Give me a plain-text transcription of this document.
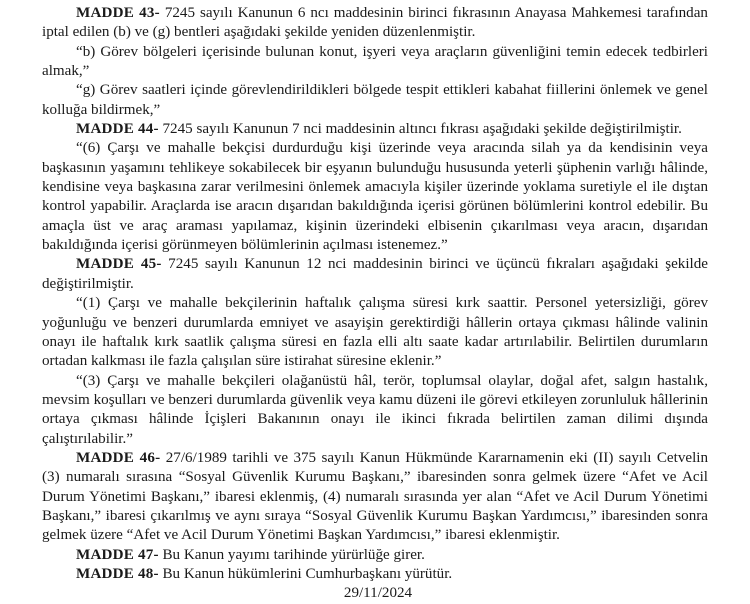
MADDE 43- 7245 sayılı Kanunun 6 ncı maddesinin birinci fıkrasının Anayasa Mahkemesi tarafından iptal edilen (b) ve (g) bentleri aşağıdaki şekilde yeniden düzenlenmiştir.

“b) Görev bölgeleri içerisinde bulunan konut, işyeri veya araçların güvenliğini temin edecek tedbirleri almak,”

“g) Görev saatleri içinde görevlendirildikleri bölgede tespit ettikleri kabahat fiillerini önlemek ve genel kolluğa bildirmek,”

MADDE 44- 7245 sayılı Kanunun 7 nci maddesinin altıncı fıkrası aşağıdaki şekilde değiştirilmiştir.

“(6) Çarşı ve mahalle bekçisi durdurduğu kişi üzerinde veya aracında silah ya da kendisinin veya başkasının yaşamını tehlikeye sokabilecek bir eşyanın bulunduğu hususunda yeterli şüphenin varlığı hâlinde, kendisine veya başkasına zarar verilmesini önlemek amacıyla kişiler üzerinde yoklama suretiyle el ile dıştan kontrol yapabilir. Araçlarda ise aracın dışarıdan bakıldığında içerisi görünen bölümlerini kontrol edebilir. Bu amaçla üst ve araç araması yapılamaz, kişinin üzerindeki elbisenin çıkarılması veya aracın, dışarıdan bakıldığında içerisi görünmeyen bölümlerinin açılması istenemez.”

MADDE 45- 7245 sayılı Kanunun 12 nci maddesinin birinci ve üçüncü fıkraları aşağıdaki şekilde değiştirilmiştir.

“(1) Çarşı ve mahalle bekçilerinin haftalık çalışma süresi kırk saattir. Personel yetersizliği, görev yoğunluğu ve benzeri durumlarda emniyet ve asayişin gerektirdiği hâllerin ortaya çıkması hâlinde valinin onayı ile haftalık kırk saatlik çalışma süresi en fazla elli altı saate kadar artırılabilir. Belirtilen durumların ortadan kalkması ile fazla çalışılan süre istirahat süresine eklenir.”

“(3) Çarşı ve mahalle bekçileri olağanüstü hâl, terör, toplumsal olaylar, doğal afet, salgın hastalık, mevsim koşulları ve benzeri durumlarda güvenlik veya kamu düzeni ile görevi etkileyen zorunluluk hâllerinin ortaya çıkması hâlinde İçişleri Bakanının onayı ile ikinci fıkrada belirtilen zaman dilimi dışında çalıştırılabilir.”

MADDE 46- 27/6/1989 tarihli ve 375 sayılı Kanun Hükmünde Kararnamenin eki (II) sayılı Cetvelin (3) numaralı sırasına “Sosyal Güvenlik Kurumu Başkanı,” ibaresinden sonra gelmek üzere “Afet ve Acil Durum Yönetimi Başkanı,” ibaresi eklenmiş, (4) numaralı sırasında yer alan “Afet ve Acil Durum Yönetimi Başkanı,” ibaresi çıkarılmış ve aynı sıraya “Sosyal Güvenlik Kurumu Başkan Yardımcısı,” ibaresinden sonra gelmek üzere “Afet ve Acil Durum Yönetimi Başkan Yardımcısı,” ibaresi eklenmiştir.

MADDE 47- Bu Kanun yayımı tarihinde yürürlüğe girer.

MADDE 48- Bu Kanun hükümlerini Cumhurbaşkanı yürütür.

29/11/2024
